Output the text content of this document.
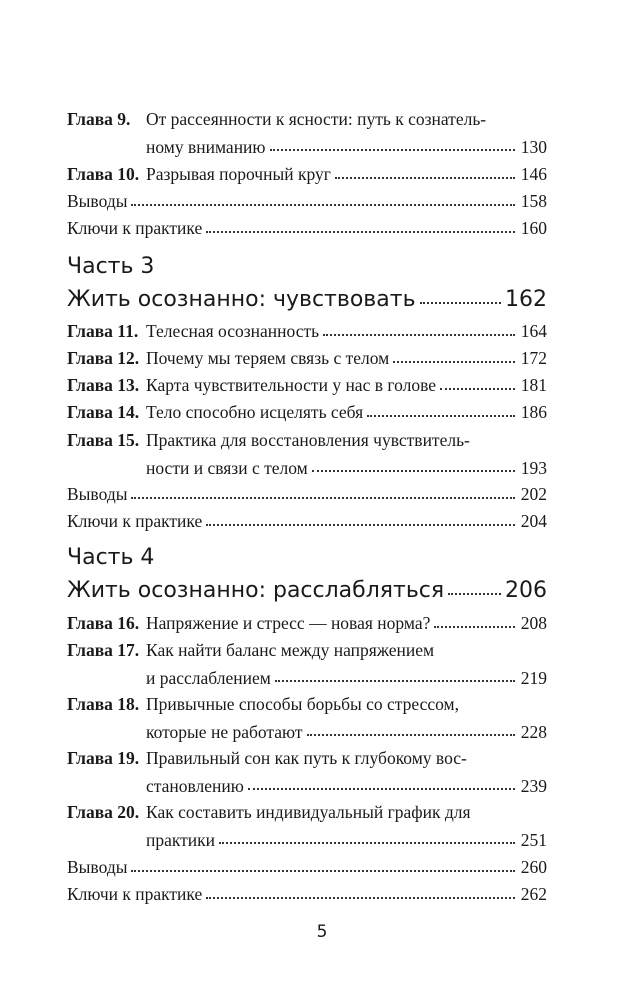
Глава 9. От рассеянности к ясности: путь к сознатель-
ному вниманию	130
Глава 10. Разрывая порочный круг	146
Выводы	158
Ключи к практике	160
Часть 3
Жить осознанно: чувствовать	162
Глава 11. Телесная осознанность	164
Глава 12. Почему мы теряем связь с телом	172
Глава 13. Карта чувствительности у нас в голове	181
Глава 14. Тело способно исцелять себя	186
Глава 15. Практика для восстановления чувствитель-
ности и связи с телом	193
Выводы	202
Ключи к практике	204
Часть 4
Жить осознанно: расслабляться	206
Глава 16. Напряжение и стресс — новая норма?	208
Глава 17. Как найти баланс между напряжением
и расслаблением	219
Глава 18. Привычные способы борьбы со стрессом,
которые не работают	228
Глава 19. Правильный сон как путь к глубокому вос-
становлению	239
Глава 20. Как составить индивидуальный график для
практики	251
Выводы	260
Ключи к практике	262
5
